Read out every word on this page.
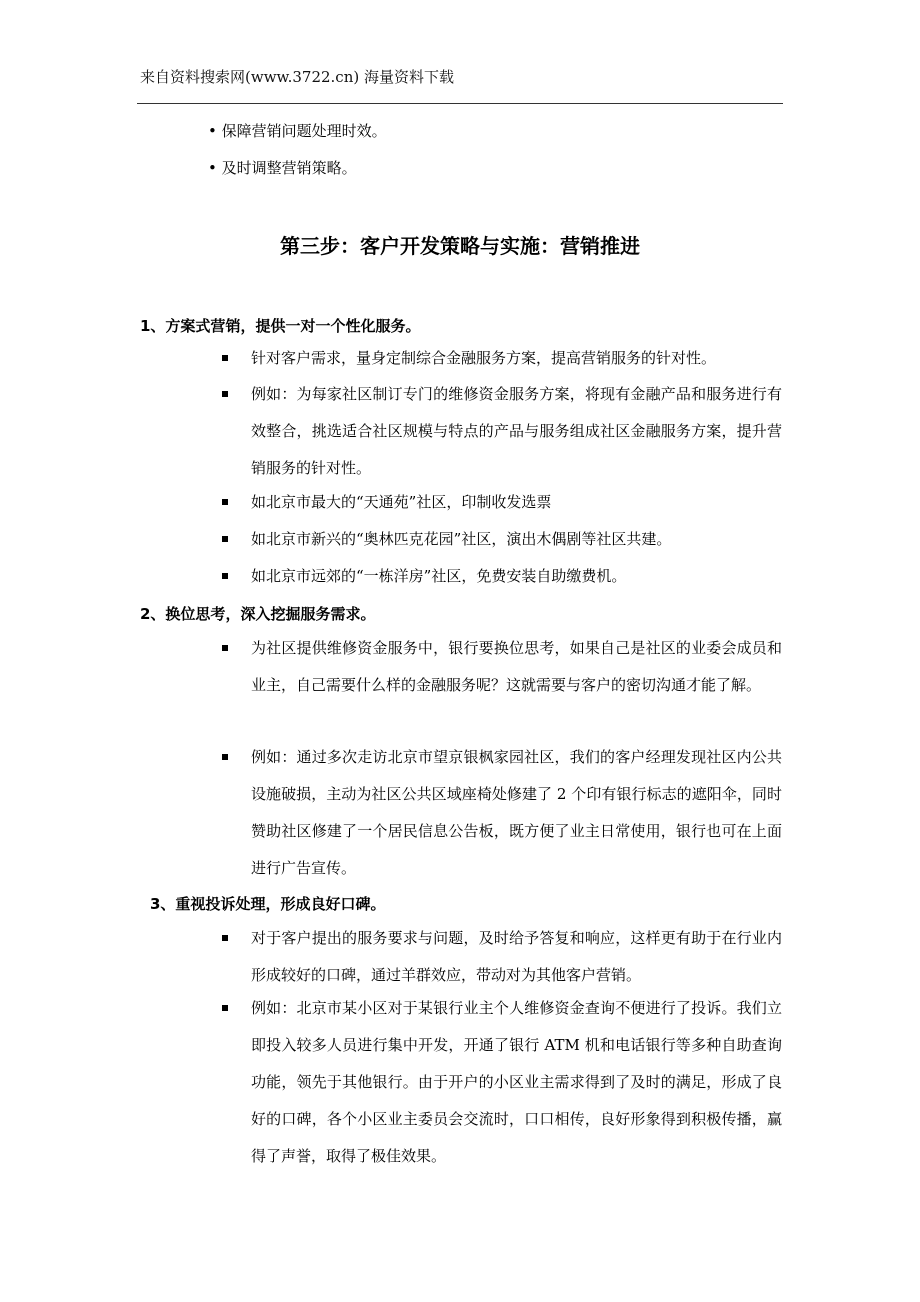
来自资料搜索网(www.3722.cn) 海量资料下载
• 保障营销问题处理时效。
• 及时调整营销策略。
第三步：客户开发策略与实施：营销推进
1、方案式营销，提供一对一个性化服务。
针对客户需求，量身定制综合金融服务方案，提高营销服务的针对性。
例如：为每家社区制订专门的维修资金服务方案，将现有金融产品和服务进行有效整合，挑选适合社区规模与特点的产品与服务组成社区金融服务方案，提升营销服务的针对性。
如北京市最大的“天通苑”社区，印制收发选票
如北京市新兴的“奥林匹克花园”社区，演出木偶剧等社区共建。
如北京市远郊的“一栋洋房”社区，免费安装自助缴费机。
2、换位思考，深入挖掘服务需求。
为社区提供维修资金服务中，银行要换位思考，如果自己是社区的业委会成员和业主，自己需要什么样的金融服务呢？这就需要与客户的密切沟通才能了解。
例如：通过多次走访北京市望京银枫家园社区，我们的客户经理发现社区内公共设施破损，主动为社区公共区域座椅处修建了 2 个印有银行标志的遮阳伞，同时赞助社区修建了一个居民信息公告板，既方便了业主日常使用，银行也可在上面进行广告宣传。
3、重视投诉处理，形成良好口碑。
对于客户提出的服务要求与问题，及时给予答复和响应，这样更有助于在行业内形成较好的口碑，通过羊群效应，带动对为其他客户营销。
例如：北京市某小区对于某银行业主个人维修资金查询不便进行了投诉。我们立即投入较多人员进行集中开发，开通了银行 ATM 机和电话银行等多种自助查询功能，领先于其他银行。由于开户的小区业主需求得到了及时的满足，形成了良好的口碑，各个小区业主委员会交流时，口口相传，良好形象得到积极传播，赢得了声誉，取得了极佳效果。
